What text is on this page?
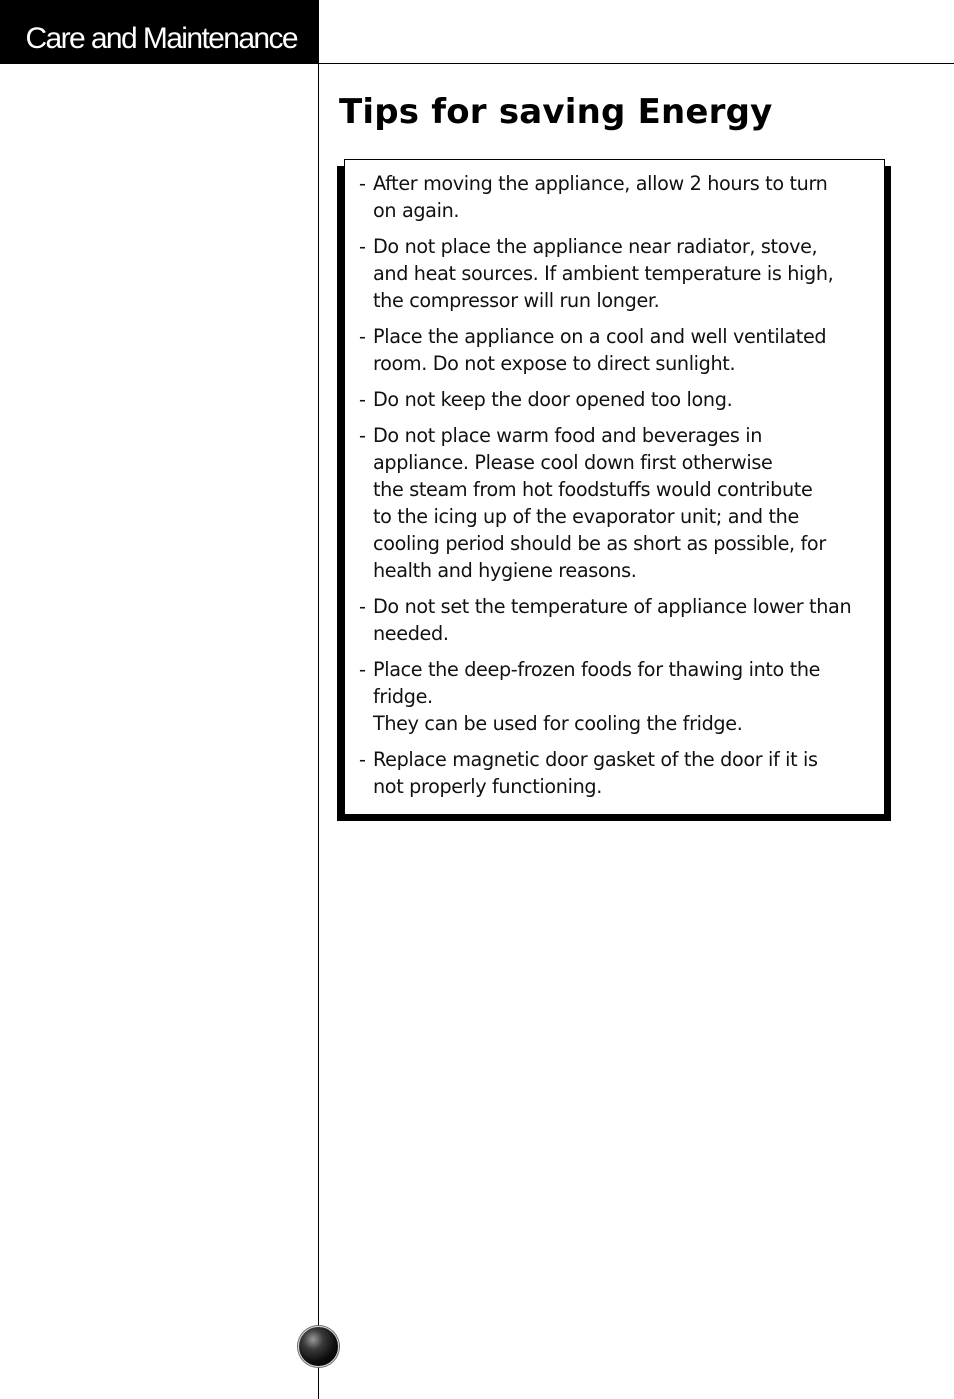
Care and Maintenance
Tips for saving Energy
- After moving the appliance, allow 2 hours to turn
on again.
- Do not place the appliance near radiator, stove,
and heat sources. If ambient temperature is high,
the compressor will run longer.
- Place the appliance on a cool and well ventilated
room. Do not expose to direct sunlight.
- Do not keep the door opened too long.
- Do not place warm food and beverages in
appliance. Please cool down first otherwise
the steam from hot foodstuffs would contribute
to the icing up of the evaporator unit; and the
cooling period should be as short as possible, for
health and hygiene reasons.
- Do not set the temperature of appliance lower than
needed.
- Place the deep-frozen foods for thawing into the
fridge.
They can be used for cooling the fridge.
- Replace magnetic door gasket of the door if it is
not properly functioning.
